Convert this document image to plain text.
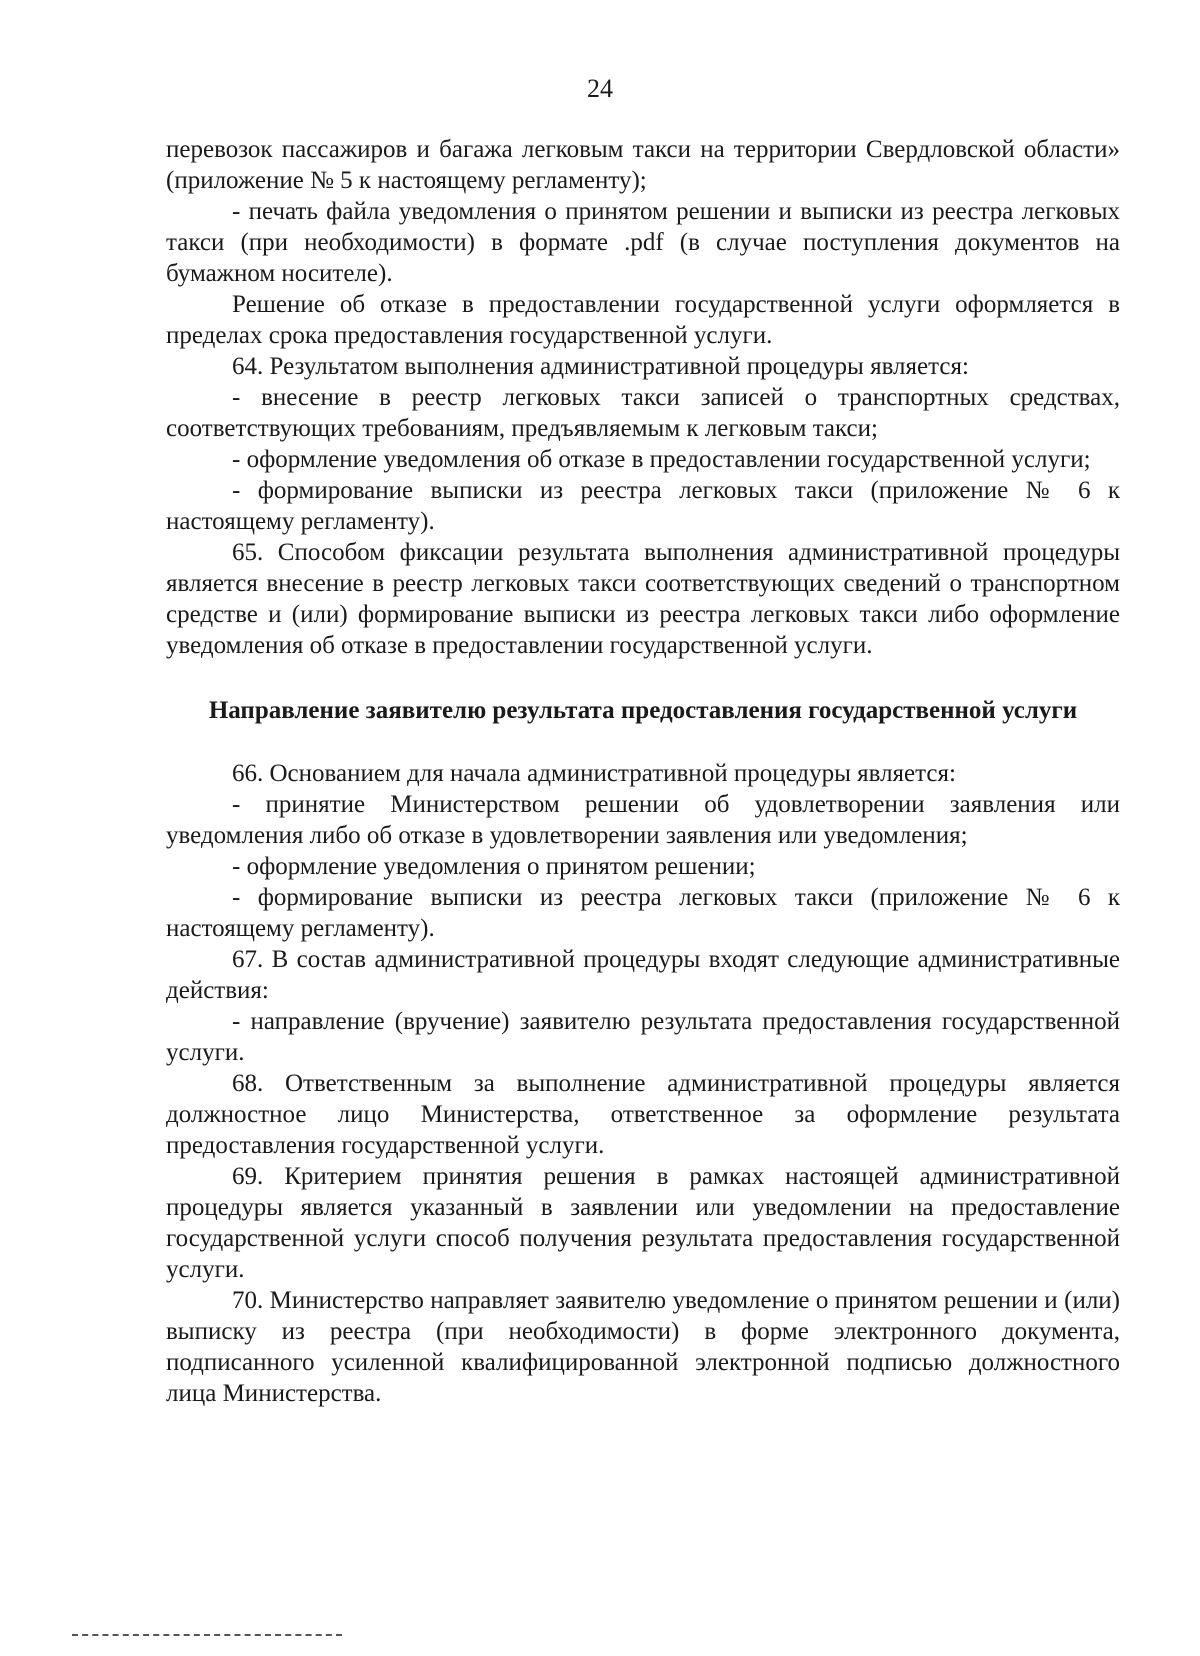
24

перевозок пассажиров и багажа легковым такси на территории Свердловской области» (приложение № 5 к настоящему регламенту);

- печать файла уведомления о принятом решении и выписки из реестра легковых такси (при необходимости) в формате .pdf (в случае поступления документов на бумажном носителе).

Решение об отказе в предоставлении государственной услуги оформляется в пределах срока предоставления государственной услуги.

64. Результатом выполнения административной процедуры является:

- внесение в реестр легковых такси записей о транспортных средствах, соответствующих требованиям, предъявляемым к легковым такси;

- оформление уведомления об отказе в предоставлении государственной услуги;

- формирование выписки из реестра легковых такси (приложение № 6 к настоящему регламенту).

65. Способом фиксации результата выполнения административной процедуры является внесение в реестр легковых такси соответствующих сведений о транспортном средстве и (или) формирование выписки из реестра легковых такси либо оформление уведомления об отказе в предоставлении государственной услуги.

Направление заявителю результата предоставления государственной услуги

66. Основанием для начала административной процедуры является:

- принятие Министерством решении об удовлетворении заявления или уведомления либо об отказе в удовлетворении заявления или уведомления;

- оформление уведомления о принятом решении;

- формирование выписки из реестра легковых такси (приложение № 6 к настоящему регламенту).

67. В состав административной процедуры входят следующие административные действия:

- направление (вручение) заявителю результата предоставления государственной услуги.

68. Ответственным за выполнение административной процедуры является должностное лицо Министерства, ответственное за оформление результата предоставления государственной услуги.

69. Критерием принятия решения в рамках настоящей административной процедуры является указанный в заявлении или уведомлении на предоставление государственной услуги способ получения результата предоставления государственной услуги.

70. Министерство направляет заявителю уведомление о принятом решении и (или) выписку из реестра (при необходимости) в форме электронного документа, подписанного усиленной квалифицированной электронной подписью должностного лица Министерства.
